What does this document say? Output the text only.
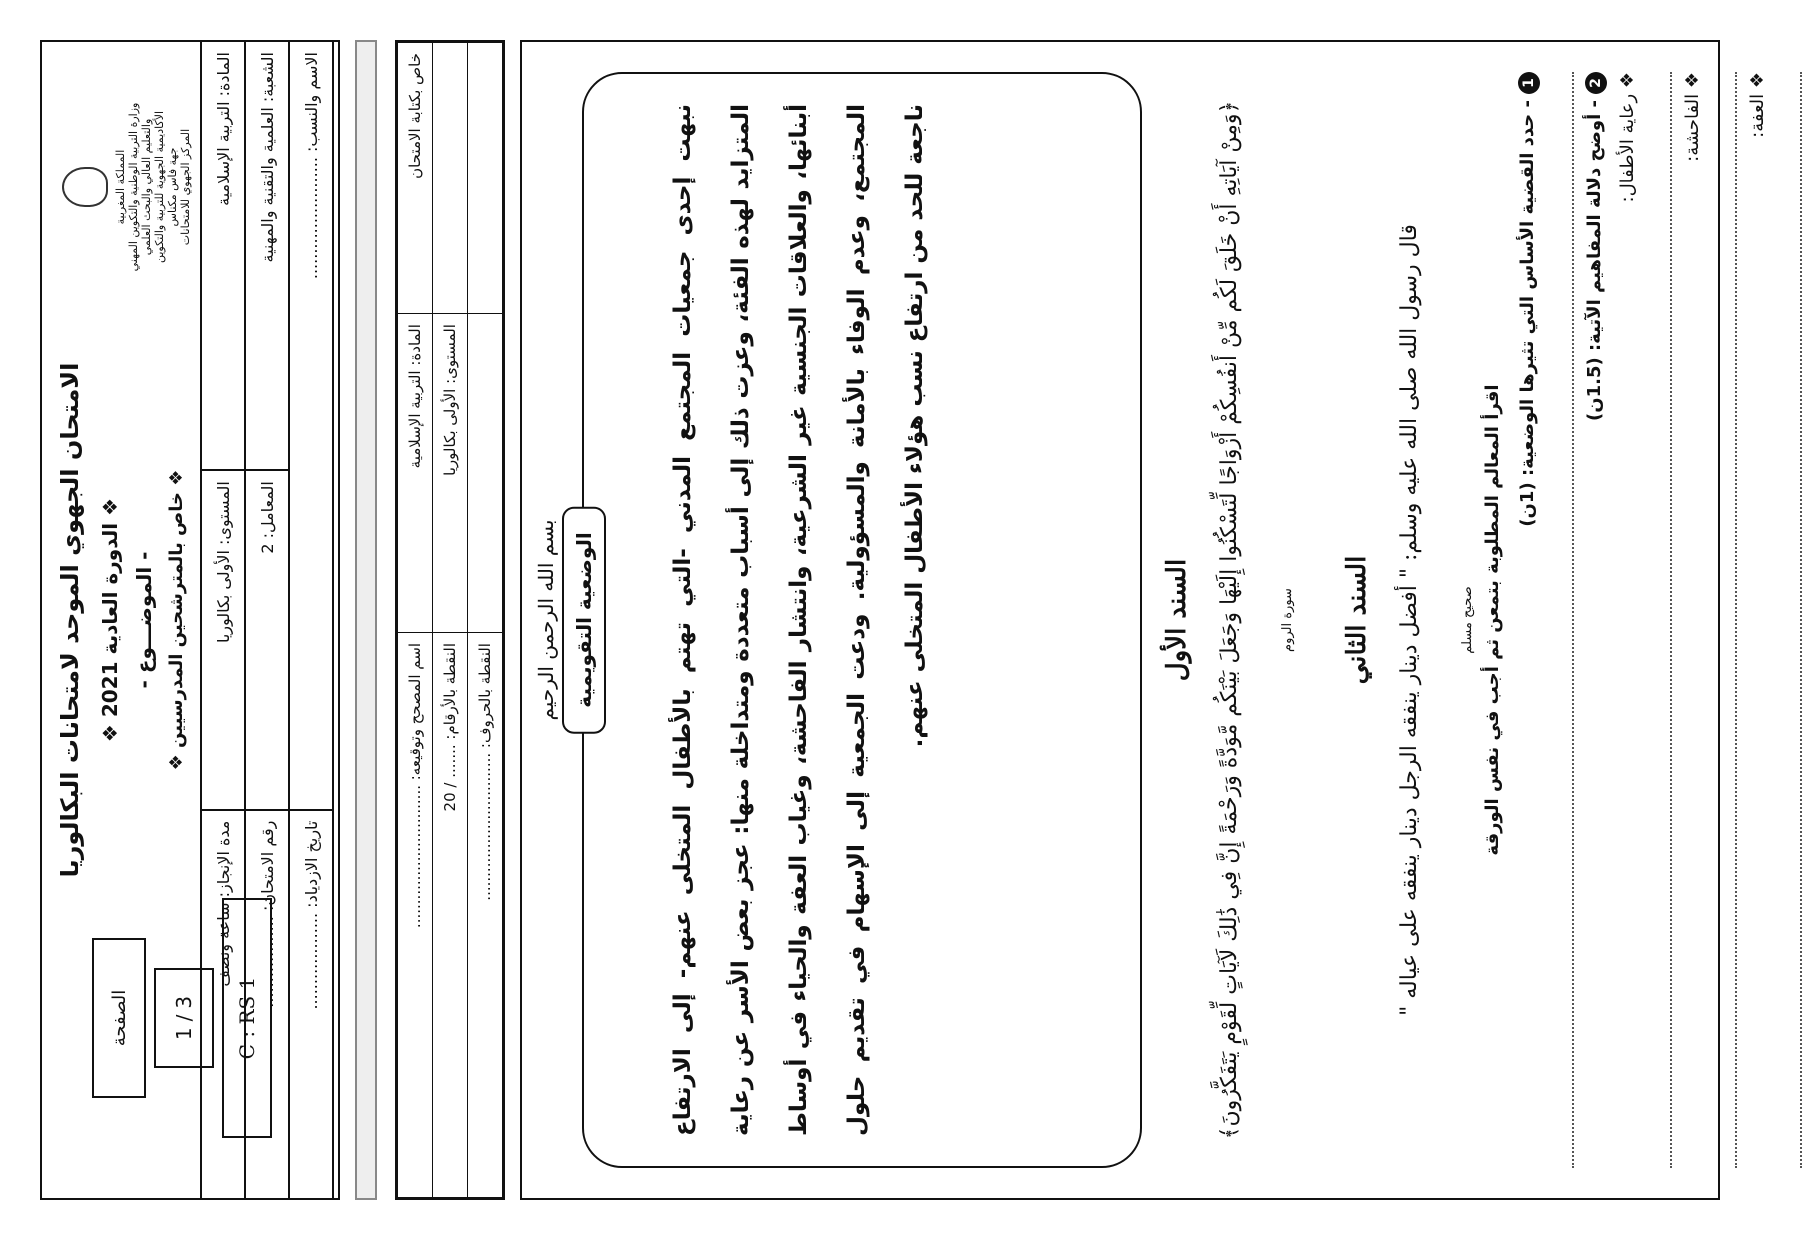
المملكة المغربية وزارة التربية الوطنية والتكوين المهني والتعليم العالي والبحث العلمي الأكاديمية الجهوية للتربية والتكوين جهة فاس مكناس المركز الجهوي للامتحانات
الامتحان الجهوي الموحد لامتحانات البكالوريا ❖ الدورة العادية 2021 ❖ - الموضـــوع - ❖ خاص بالمترشحين المدرسيين ❖
الصفحة	1
/
3	C : RS 1
المادة: التربية الإسلامية	المستوى: الأولى بكالوريا	مدة الإنجاز: ساعة ونصف
الشعبة: العلمية والتقنية والمهنية	المعامل: 2	رقم الامتحان: ..................
الاسم والنسب: ........................		تاريخ الازدياد: ...................
خاص بكتابة الامتحان	المادة: التربية الإسلامية	اسم المصحح وتوقيعه: ..............................
	المستوى: الأولى بكالوريا	النقطة بالأرقام: ....... / 20
		النقطة بالحروف: ...............................
بسم الله الرحمن الرحيم الوضعية التقويمية	نبهت إحدى جمعيات المجتمع المدني -التي تهتم بالأطفال المتخلى عنهم- إلى الارتفاع المتزايد لهذه الفئة، وعزت ذلك إلى أسباب متعددة ومتداخلة منها: عجز بعض الأسر عن رعاية أبنائها، والعلاقات الجنسية غير الشرعية، وانتشار الفاحشة، وغياب العفة والحياء في أوساط المجتمع، وعدم الوفاء بالأمانة والمسؤولية. ودعت الجمعية إلى الإسهام في تقديم حلول ناجعة للحد من ارتفاع نسب هؤلاء الأطفال المتخلى عنهم.	السند الأول	﴿وَمِنْ آيَاتِهِ أَنْ خَلَقَ لَكُم مِّنْ أَنفُسِكُمْ أَزْوَاجًا لِّتَسْكُنُوا إِلَيْهَا وَجَعَلَ بَيْنَكُم مَّوَدَّةً وَرَحْمَةً إِنَّ فِي ذَٰلِكَ لَآيَاتٍ لِّقَوْمٍ يَتَفَكَّرُونَ﴾	سورة الروم	السند الثاني	قال رسول الله صلى الله عليه وسلم: " أفضل دينار ينفقه الرجل دينار ينفقه على عياله "	صحيح مسلم اقرأ المعالم المطلوبة بتمعن ثم أجب في نفس الورقة
1- حدد القضية الأساس التي تثيرها الوضعية: (1ن)
2- أوضح دلالة المفاهيم الآتية: (1.5ن) ❖ رعاية الأطفال: ❖ الفاحشة: ❖ العفة:
